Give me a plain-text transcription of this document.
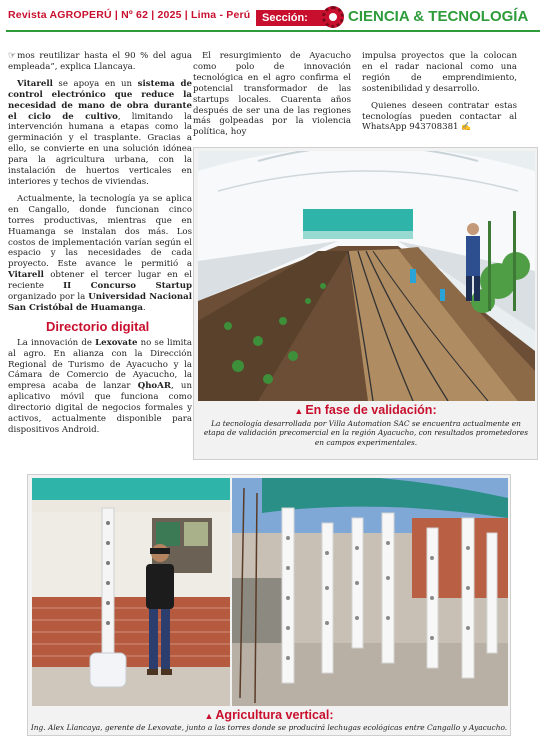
Revista AGROPERÚ | Nº 62 | 2025 | Lima - Perú	Sección:	CIENCIA & TECNOLOGÍA

☞mos reutilizar hasta el 90 % del agua empleada”, explica Llancaya.

Vitarell se apoya en un sistema de control electrónico que reduce la necesidad de mano de obra durante el ciclo de cultivo, limitando la intervención humana a etapas como la germinación y el trasplante. Gracias a ello, se convierte en una solución idónea para la agricultura urbana, con la instalación de huertos verticales en interiores y techos de viviendas.

Actualmente, la tecnología ya se aplica en Cangallo, donde funcionan cinco torres productivas, mientras que en Huamanga se instalan dos más. Los costos de implementación varían según el espacio y las necesidades de cada proyecto. Este avance le permitió a Vitarell obtener el tercer lugar en el reciente II Concurso Startup organizado por la Universidad Nacional San Cristóbal de Huamanga.

Directorio digital

La innovación de Lexovate no se limita al agro. En alianza con la Dirección Regional de Turismo de Ayacucho y la Cámara de Comercio de Ayacucho, la empresa acaba de lanzar QhoAR, un aplicativo móvil que funciona como directorio digital de negocios formales y activos, actualmente disponible para dispositivos Android.

El resurgimiento de Ayacucho como polo de innovación tecnológica en el agro confirma el potencial transformador de las startups locales. Cuarenta años después de ser una de las regiones más golpeadas por la violencia política, hoy

impulsa proyectos que la colocan en el radar nacional como una región de emprendimiento, sostenibilidad y desarrollo.

Quienes deseen contratar estas tecnologías pueden contactar al WhatsApp 943708381 ✍

▲ En fase de validación:
La tecnología desarrollada por Villa Automation SAC se encuentra actualmente en etapa de validación precomercial en la región Ayacucho, con resultados prometedores en campos experimentales.
▲ Agricultura vertical:
Ing. Alex Llancaya, gerente de Lexovate, junto a las torres donde se producirá lechugas ecológicas entre Cangallo y Ayacucho.
